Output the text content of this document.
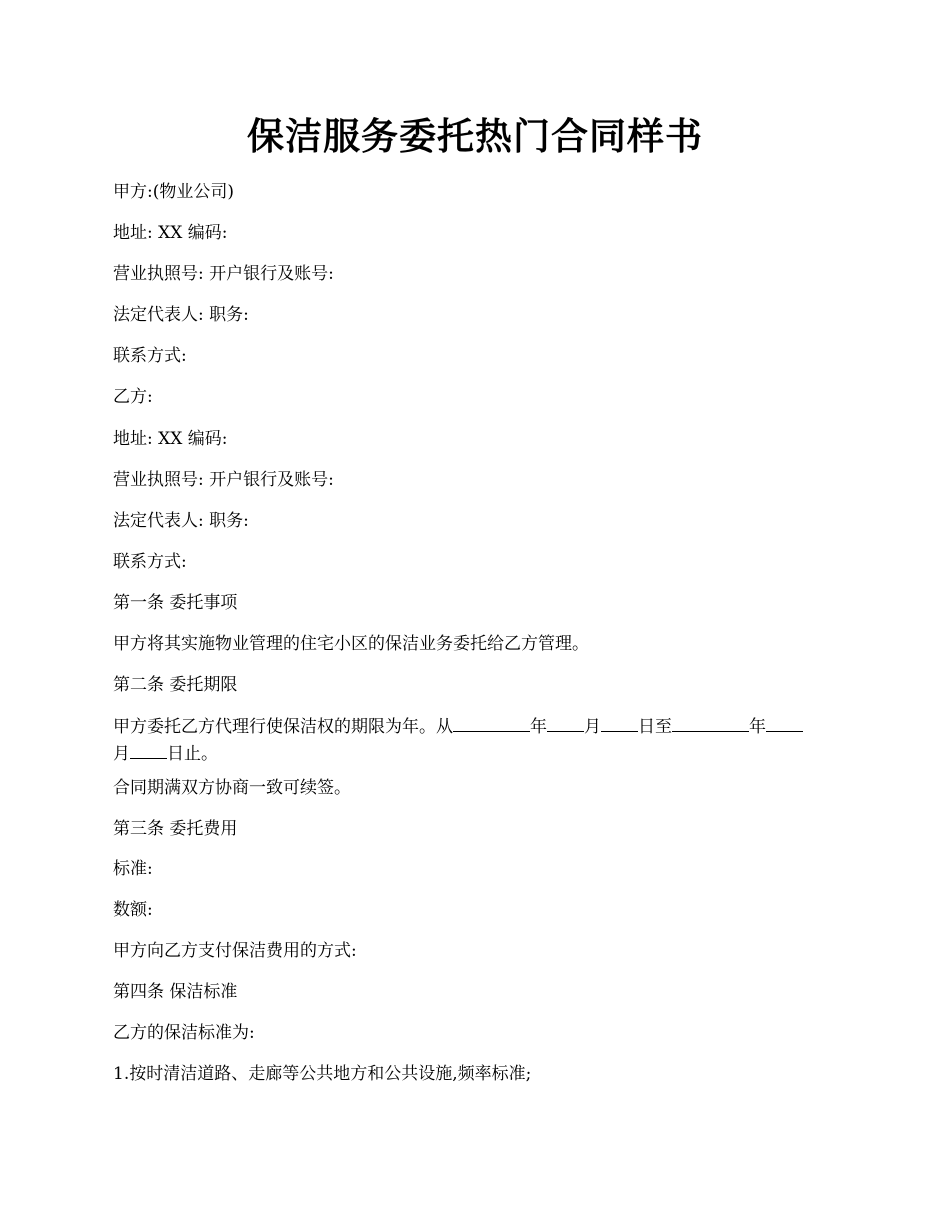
保洁服务委托热门合同样书
甲方:(物业公司)
地址: XX 编码:
营业执照号: 开户银行及账号:
法定代表人: 职务:
联系方式:
乙方:
地址: XX 编码:
营业执照号: 开户银行及账号:
法定代表人: 职务:
联系方式:
第一条 委托事项
甲方将其实施物业管理的住宅小区的保洁业务委托给乙方管理。
第二条 委托期限
甲方委托乙方代理行使保洁权的期限为年。从	年 月 日至	年
月 日止。
合同期满双方协商一致可续签。
第三条 委托费用
标准:
数额:
甲方向乙方支付保洁费用的方式:
第四条 保洁标准
乙方的保洁标准为:
1.按时清洁道路、走廊等公共地方和公共设施,频率标准;
